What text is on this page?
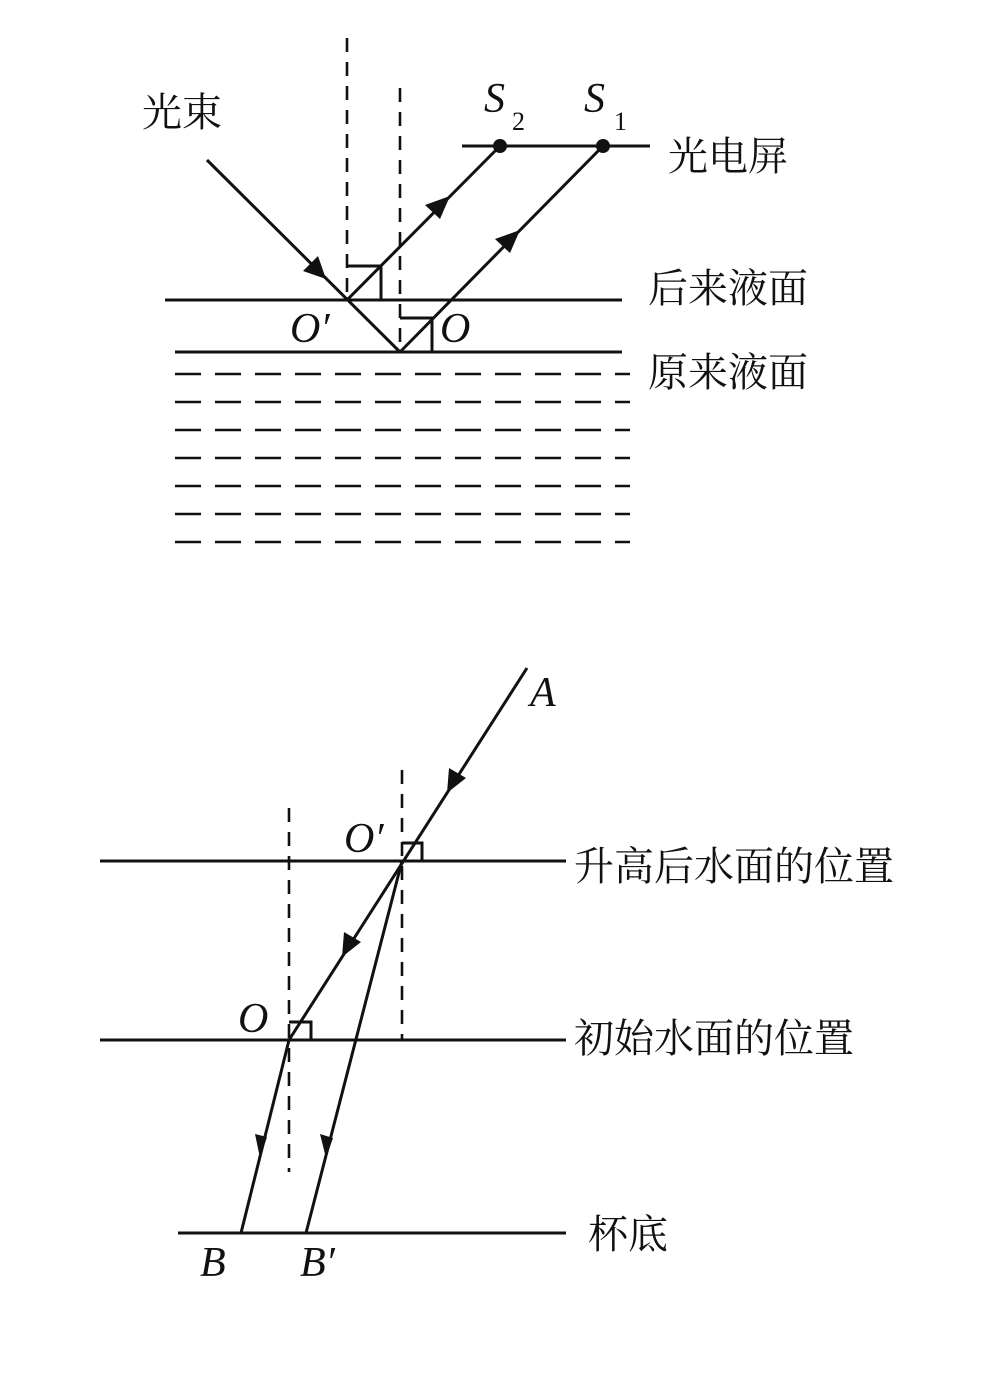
光束
光电屏
后来液面
原来液面
S 2 S 1
O′	O
A
O′
O
B B′
升高后水面的位置
初始水面的位置
杯底
